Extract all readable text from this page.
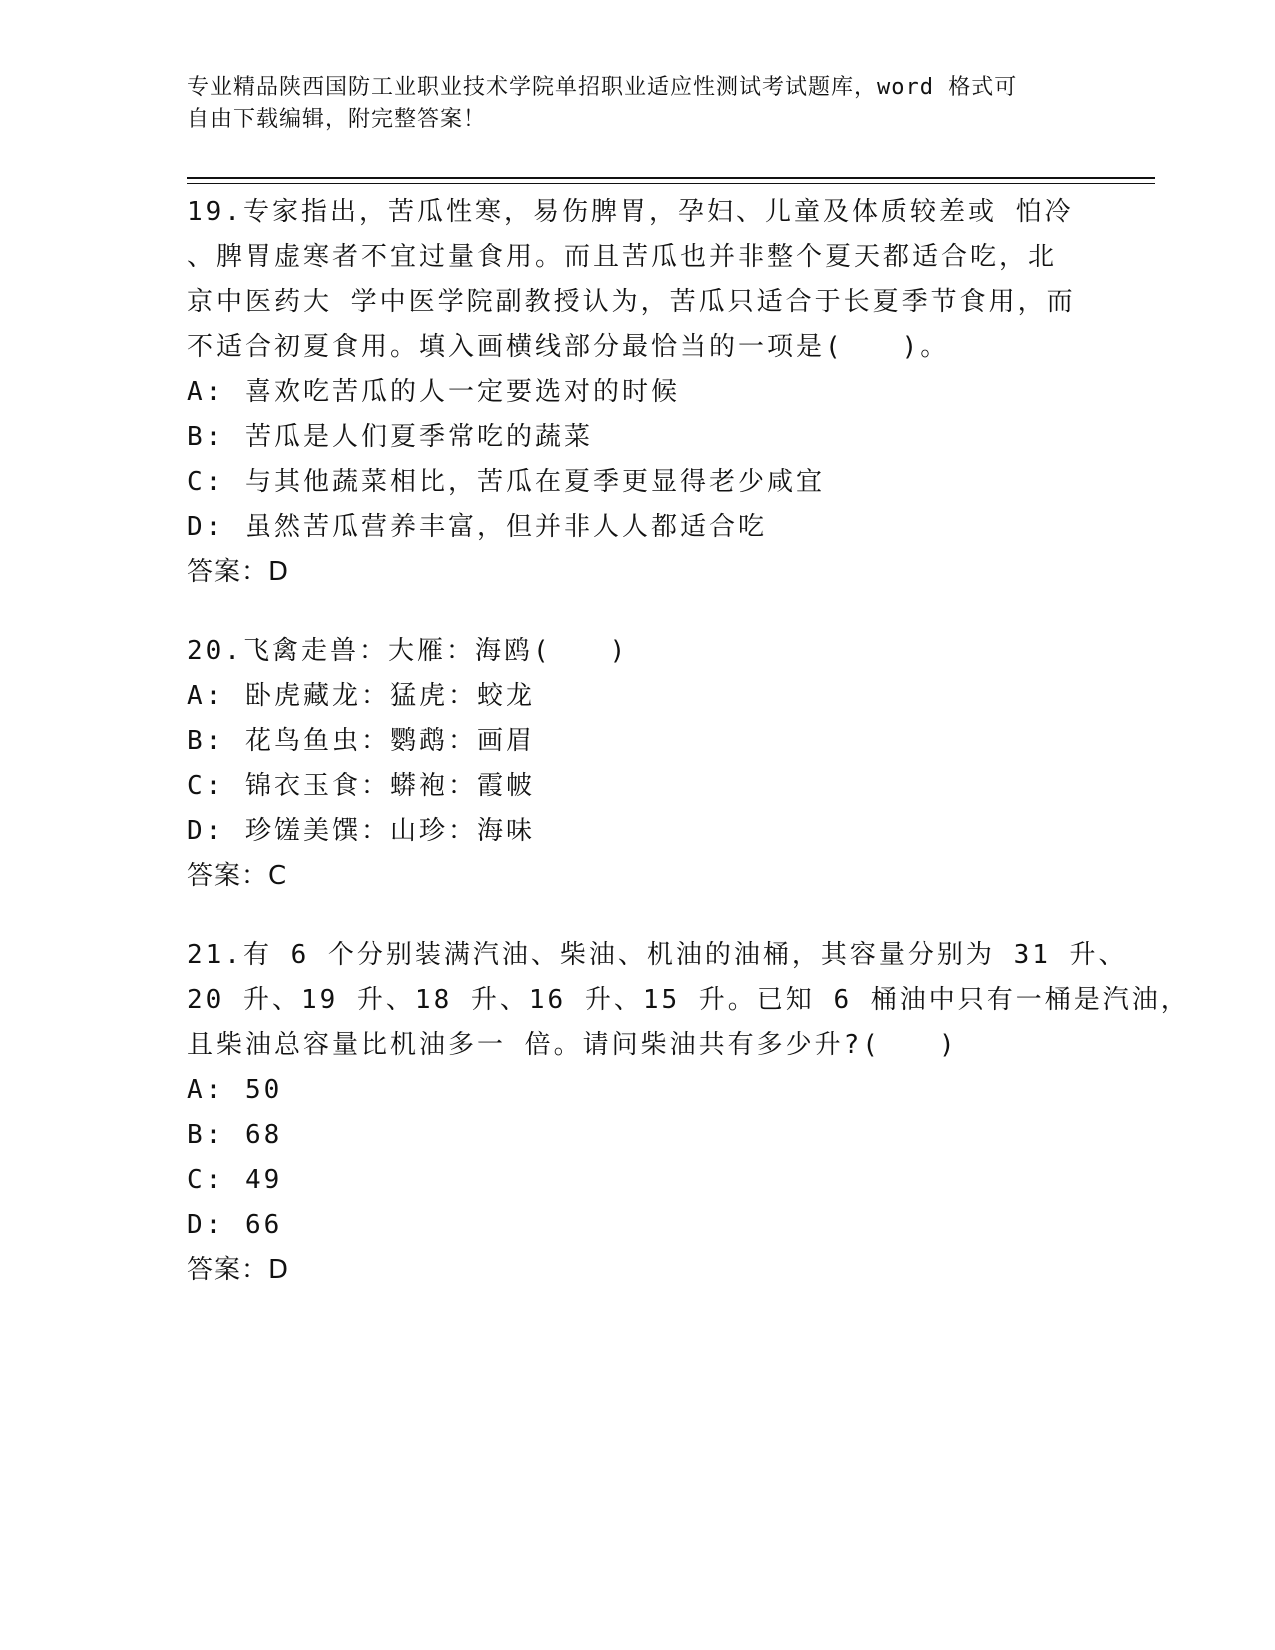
专业精品陕西国防工业职业技术学院单招职业适应性测试考试题库，word 格式可
自由下载编辑，附完整答案！
19.专家指出，苦瓜性寒，易伤脾胃，孕妇、儿童及体质较差或 怕冷
、脾胃虚寒者不宜过量食用。而且苦瓜也并非整个夏天都适合吃，北
京中医药大 学中医学院副教授认为，苦瓜只适合于长夏季节食用，而
不适合初夏食用。填入画横线部分最恰当的一项是(　　)。
A: 喜欢吃苦瓜的人一定要选对的时候
B: 苦瓜是人们夏季常吃的蔬菜
C: 与其他蔬菜相比，苦瓜在夏季更显得老少咸宜
D: 虽然苦瓜营养丰富，但并非人人都适合吃
答案：D
20.飞禽走兽：大雁：海鸥(　　)
A: 卧虎藏龙：猛虎：蛟龙
B: 花鸟鱼虫：鹦鹉：画眉
C: 锦衣玉食：蟒袍：霞帔
D: 珍馐美馔：山珍：海味
答案：C
21.有 6 个分别装满汽油、柴油、机油的油桶，其容量分别为 31 升、
20 升、19 升、18 升、16 升、15 升。已知 6 桶油中只有一桶是汽油，
且柴油总容量比机油多一 倍。请问柴油共有多少升?(　　)
A: 50
B: 68
C: 49
D: 66
答案：D
